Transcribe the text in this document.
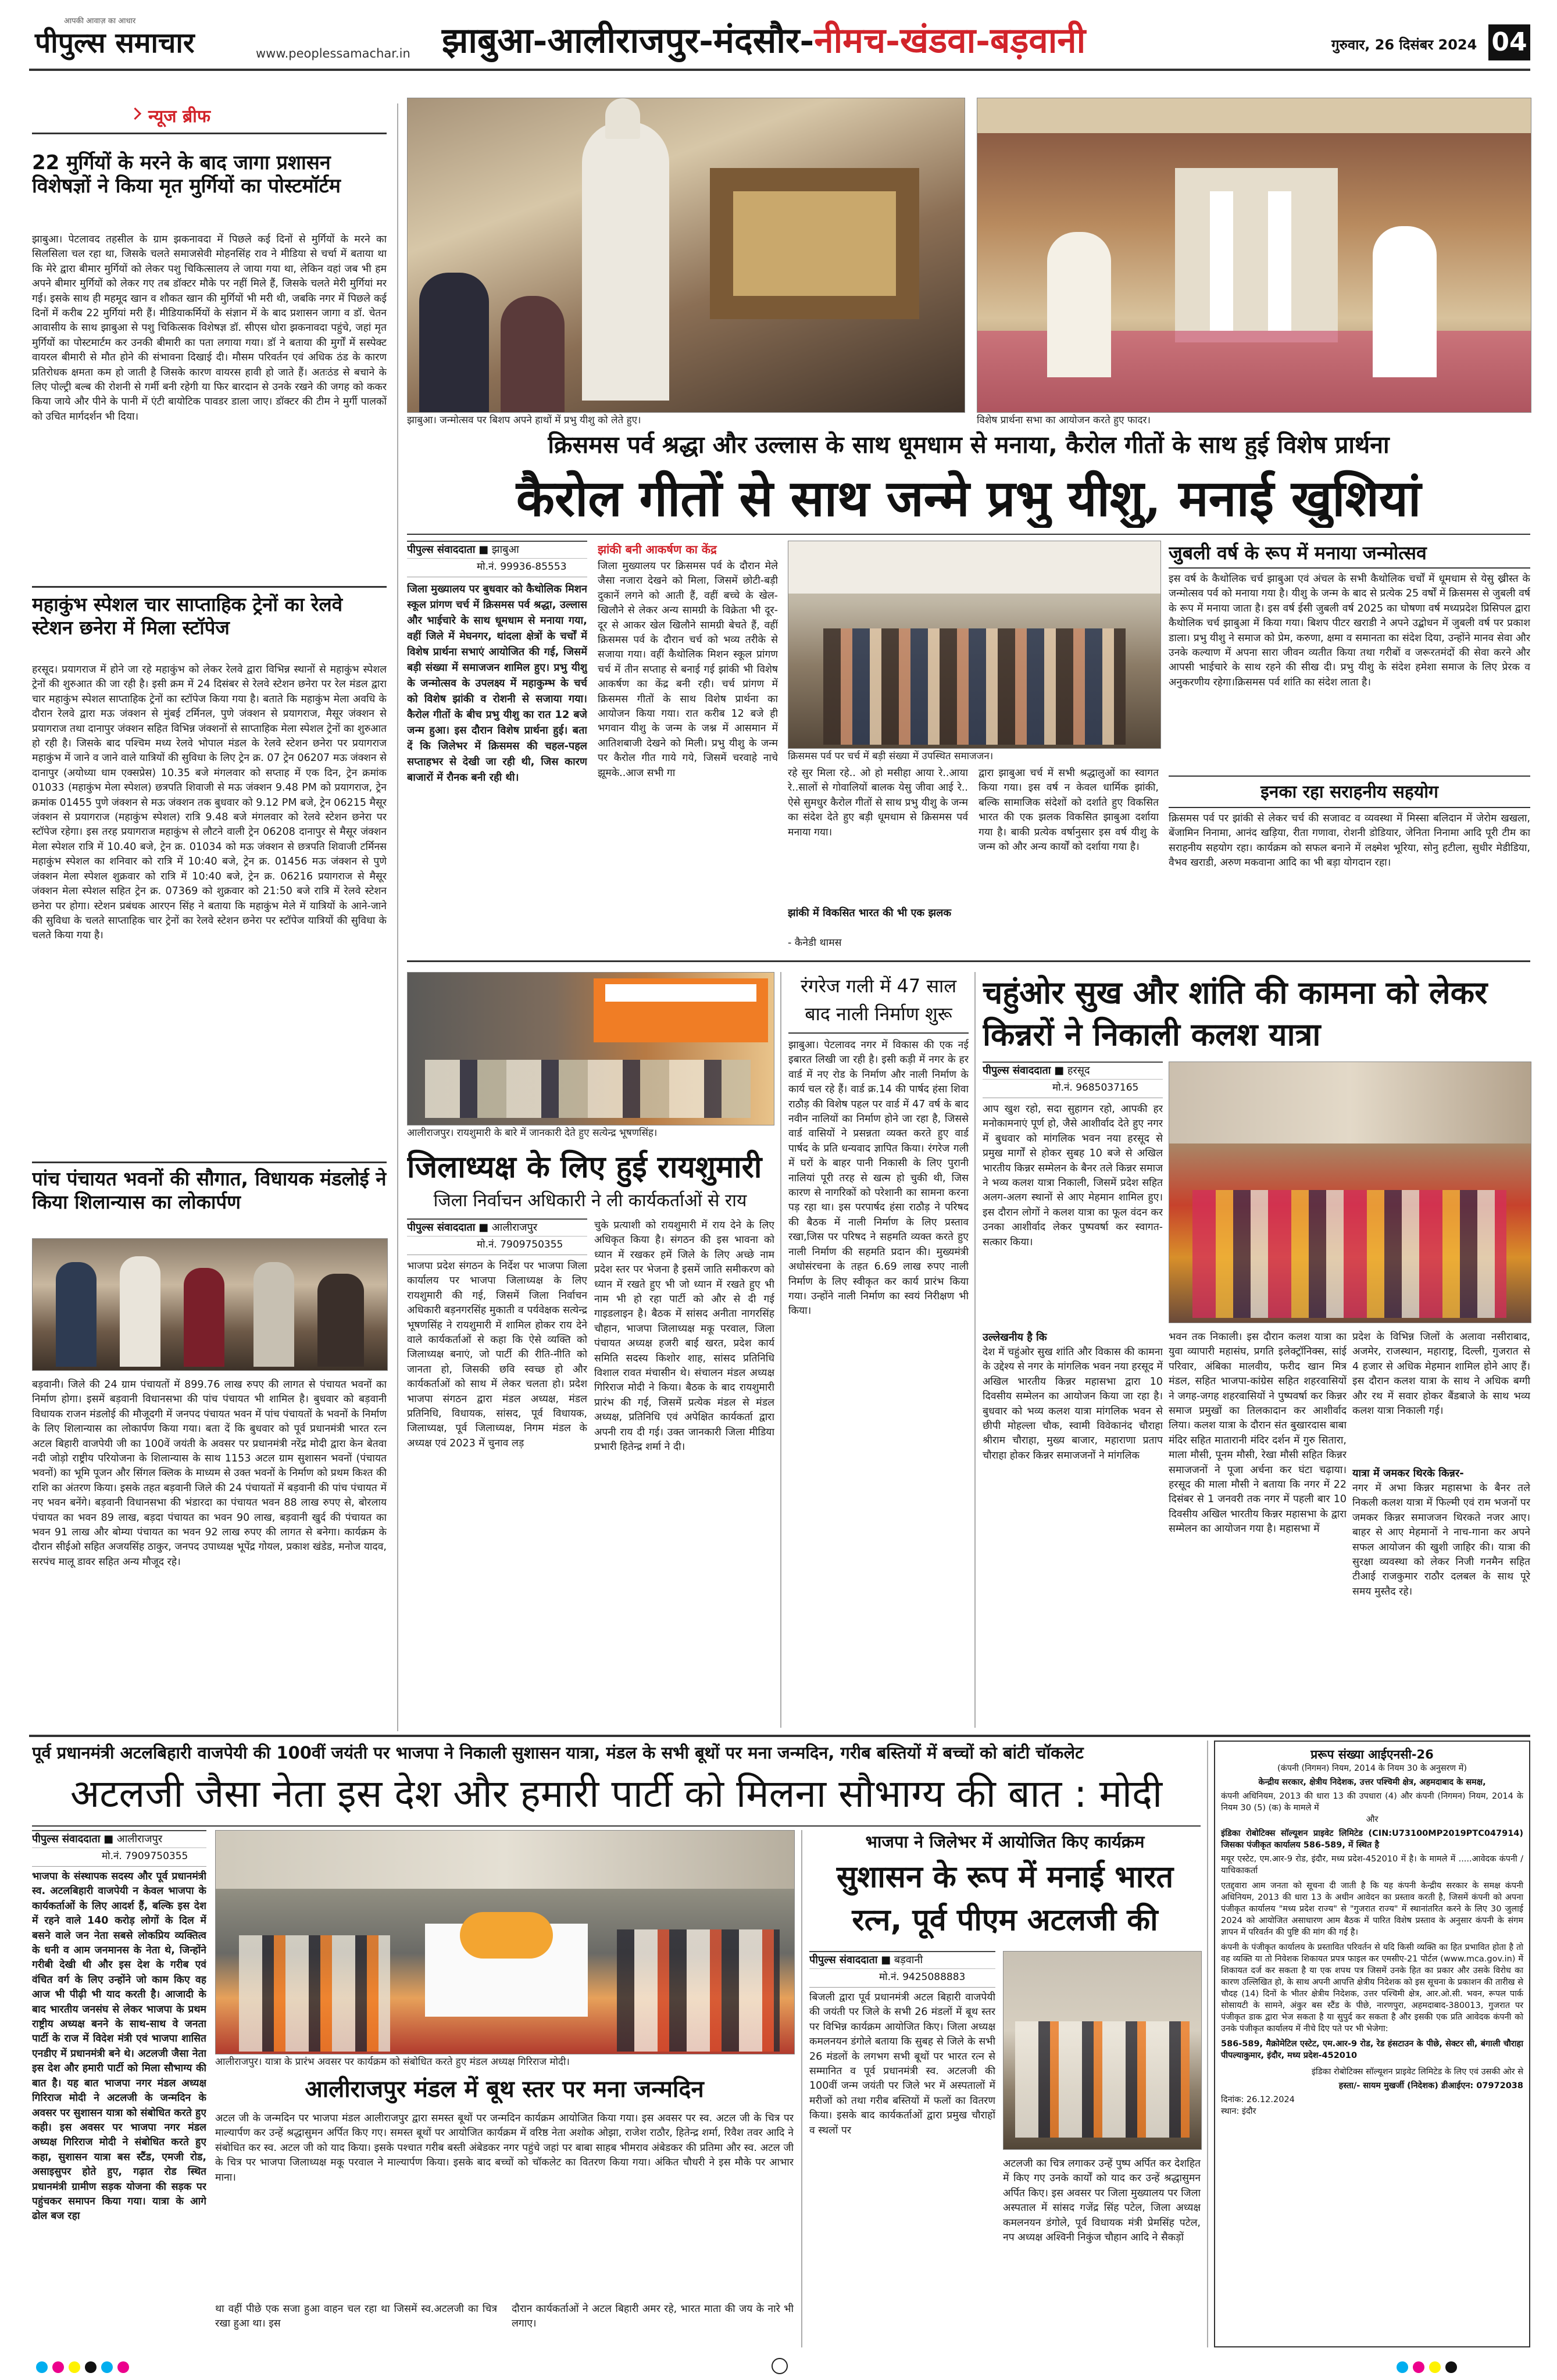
आपकी आवाज़ का आधार
पीपुल्स समाचार	www.peoplessamachar.in झाबुआ-आलीराजपुर-मंदसौर-नीमच-खंडवा-बड़वानी	गुरुवार, 26 दिसंबर 2024 04
न्यूज ब्रीफ
22 मुर्गियों के मरने के बाद जागा प्रशासन विशेषज्ञों ने किया मृत मुर्गियों का पोस्टमॉर्टम
झाबुआ। पेटलावद तहसील के ग्राम झकनावदा में पिछले कई दिनों से मुर्गियों के मरने का सिलसिला चल रहा था, जिसके चलते समाजसेवी मोहनसिंह राव ने मीडिया से चर्चा में बताया था कि मेरे द्वारा बीमार मुर्गियों को लेकर पशु चिकित्सालय ले जाया गया था, लेकिन वहां जब भी हम अपने बीमार मुर्गियों को लेकर गए तब डॉक्टर मौके पर नहीं मिले हैं, जिसके चलते मेरी मुर्गियां मर गई। इसके साथ ही महमूद खान व शौकत खान की मुर्गियों भी मरी थी, जबकि नगर में पिछले कई दिनों में करीब 22 मुर्गियां मरी हैं। मीडियाकर्मियों के संज्ञान में के बाद प्रशासन जागा व डॉ. चेतन आवासीय के साथ झाबुआ से पशु चिकित्सक विशेषज्ञ डॉ. सीएस धोरा झकनावदा पहुंचे, जहां मृत मुर्गियों का पोस्टमार्टम कर उनकी बीमारी का पता लगाया गया। डॉ ने बताया की मुर्गों में सस्पेक्ट वायरल बीमारी से मौत होने की संभावना दिखाई दी। मौसम परिवर्तन एवं अधिक ठंड के कारण प्रतिरोधक क्षमता कम हो जाती है जिसके कारण वायरस हावी हो जाते हैं। अतःठंड से बचाने के लिए पोल्ट्री बल्ब की रोशनी से गर्मी बनी रहेगी या फिर बारदान से उनके रखने की जगह को ककर किया जाये और पीने के पानी में एंटी बायोटिक पावडर डाला जाए। डॉक्टर की टीम ने मुर्गी पालकों को उचित मार्गदर्शन भी दिया।
महाकुंभ स्पेशल चार साप्ताहिक ट्रेनों का रेलवे स्टेशन छनेरा में मिला स्टॉपेज
हरसूद। प्रयागराज में होने जा रहे महाकुंभ को लेकर रेलवे द्वारा विभिन्न स्थानों से महाकुंभ स्पेशल ट्रेनों की शुरुआत की जा रही है। इसी क्रम में 24 दिसंबर से रेलवे स्टेशन छनेरा पर रेल मंडल द्वारा चार महाकुंभ स्पेशल साप्ताहिक ट्रेनों का स्टॉपेज किया गया है। बताते कि महाकुंभ मेला अवधि के दौरान रेलवे द्वारा मऊ जंक्शन से मुंबई टर्मिनल, पुणे जंक्शन से प्रयागराज, मैसूर जंक्शन से प्रयागराज तथा दानापुर जंक्शन सहित विभिन्न जंक्शनों से साप्ताहिक मेला स्पेशल ट्रेनों का शुरुआत हो रही है। जिसके बाद पश्चिम मध्य रेलवे भोपाल मंडल के रेलवे स्टेशन छनेरा पर प्रयागराज महाकुंभ में जाने व जाने वाले यात्रियों की सुविधा के लिए ट्रेन क्र. 07 ट्रेन 06207 मऊ जंक्शन से दानापुर (अयोध्या धाम एक्सप्रेस) 10.35 बजे मंगलवार को सप्ताह में एक दिन, ट्रेन क्रमांक 01033 (महाकुंभ मेला स्पेशल) छत्रपति शिवाजी से मऊ जंक्शन 9.48 PM को प्रयागराज, ट्रेन क्रमांक 01455 पुणे जंक्शन से मऊ जंक्शन तक बुधवार को 9.12 PM बजे, ट्रेन 06215 मैसूर जंक्शन से प्रयागराज (महाकुंभ स्पेशल) रात्रि 9.48 बजे मंगलवार को रेलवे स्टेशन छनेरा पर स्टॉपेज रहेगा। इस तरह प्रयागराज महाकुंभ से लौटने वाली ट्रेन 06208 दानापुर से मैसूर जंक्शन मेला स्पेशल रात्रि में 10.40 बजे, ट्रेन क्र. 01034 को मऊ जंक्शन से छत्रपति शिवाजी टर्मिनस महाकुंभ स्पेशल का शनिवार को रात्रि में 10:40 बजे, ट्रेन क्र. 01456 मऊ जंक्शन से पुणे जंक्शन मेला स्पेशल शुक्रवार को रात्रि में 10:40 बजे, ट्रेन क्र. 06216 प्रयागराज से मैसूर जंक्शन मेला स्पेशल सहित ट्रेन क्र. 07369 को शुक्रवार को 21:50 बजे रात्रि में रेलवे स्टेशन छनेरा पर होगा। स्टेशन प्रबंधक आरएन सिंह ने बताया कि महाकुंभ मेले में यात्रियों के आने-जाने की सुविधा के चलते साप्ताहिक चार ट्रेनों का रेलवे स्टेशन छनेरा पर स्टॉपेज यात्रियों की सुविधा के चलते किया गया है।
पांच पंचायत भवनों की सौगात, विधायक मंडलोई ने किया शिलान्यास का लोकार्पण
बड़वानी। जिले की 24 ग्राम पंचायतों में 899.76 लाख रुपए की लागत से पंचायत भवनों का निर्माण होगा। इसमें बड़वानी विधानसभा की पांच पंचायत भी शामिल है। बुधवार को बड़वानी विधायक राजन मंडलोई की मौजूदगी में जनपद पंचायत भवन में पांच पंचायतों के भवनों के निर्माण के लिए शिलान्यास का लोकार्पण किया गया। बता दें कि बुधवार को पूर्व प्रधानमंत्री भारत रत्न अटल बिहारी वाजपेयी जी का 100वें जयंती के अवसर पर प्रधानमंत्री नरेंद्र मोदी द्वारा केन बेतवा नदी जोड़ो राष्ट्रीय परियोजना के शिलान्यास के साथ 1153 अटल ग्राम सुशासन भवनों (पंचायत भवनों) का भूमि पूजन और सिंगल क्लिक के माध्यम से उक्त भवनों के निर्माण को प्रथम किश्त की राशि का अंतरण किया। इसके तहत बड़वानी जिले की 24 पंचायतों में बड़वानी की पांच पंचायत में नए भवन बनेंगे। बड़वानी विधानसभा की भंडारदा का पंचायत भवन 88 लाख रुपए से, बोरलाय पंचायत का भवन 89 लाख, बड़दा पंचायत का भवन 90 लाख, बड़वानी खुर्द की पंचायत का भवन 91 लाख और बोम्या पंचायत का भवन 92 लाख रुपए की लागत से बनेगा। कार्यक्रम के दौरान सीईओ सहित अजयसिंह ठाकुर, जनपद उपाध्यक्ष भूपेंद्र गोयल, प्रकाश खंडेड, मनोज यादव, सरपंच मालू डावर सहित अन्य मौजूद रहे।
झाबुआ। जन्मोत्सव पर बिशप अपने हाथों में प्रभु यीशु को लेते हुए।	विशेष प्रार्थना सभा का आयोजन करते हुए फादर।
क्रिसमस पर्व श्रद्धा और उल्लास के साथ धूमधाम से मनाया, कैरोल गीतों के साथ हुई विशेष प्रार्थना
कैरोल गीतों से साथ जन्मे प्रभु यीशु, मनाई खुशियां
पीपुल्स संवाददाता ■ झाबुआ
मो.नं. 99936-85553
जिला मुख्यालय पर बुधवार को कैथोलिक मिशन स्कूल प्रांगण चर्च में क्रिसमस पर्व श्रद्धा, उल्लास और भाईचारे के साथ धूमधाम से मनाया गया, वहीं जिले में मेघनगर, थांदला क्षेत्रों के चर्चों में विशेष प्रार्थना सभाएं आयोजित की गई, जिसमें बड़ी संख्या में समाजजन शामिल हुए। प्रभु यीशु के जन्मोत्सव के उपलक्ष्य में महाकुम्भ के चर्च को विशेष झांकी व रोशनी से सजाया गया। कैरोल गीतों के बीच प्रभु यीशु का रात 12 बजे जन्म हुआ। इस दौरान विशेष प्रार्थना हुई। बता दें कि जिलेभर में क्रिसमस की चहल-पहल सप्ताहभर से देखी जा रही थी, जिस कारण बाजारों में रौनक बनी रही थी।
झांकी बनी आकर्षण का केंद्र
जिला मुख्यालय पर क्रिसमस पर्व के दौरान मेले जैसा नजारा देखने को मिला, जिसमें छोटी-बड़ी दुकानें लगने को आती हैं, वहीं बच्चे के खेल-खिलौने से लेकर अन्य सामग्री के विक्रेता भी दूर-दूर से आकर खेल खिलौने सामग्री बेचते हैं, वहीं क्रिसमस पर्व के दौरान चर्च को भव्य तरीके से सजाया गया। वहीं कैथोलिक मिशन स्कूल प्रांगण चर्च में तीन सप्ताह से बनाई गई झांकी भी विशेष आकर्षण का केंद्र बनी रही। चर्च प्रांगण में क्रिसमस गीतों के साथ विशेष प्रार्थना का आयोजन किया गया। रात करीब 12 बजे ही भगवान यीशु के जन्म के जश्न में आसमान में आतिशबाजी देखने को मिली। प्रभु यीशु के जन्म पर कैरोल गीत गाये गये, जिसमें चरवाहे नाचे झूमके..आज सभी गा
क्रिसमस पर्व पर चर्च में बड़ी संख्या में उपस्थित समाजजन।
रहे सुर मिला रहे.. ओ हो मसीहा आया रे..आया रे..सालों से गोवालियों बालक येसु जीवा आई रे.. ऐसे सुमधुर कैरोल गीतों से साथ प्रभु यीशु के जन्म का संदेश देते हुए बड़ी धूमधाम से क्रिसमस पर्व मनाया गया।
झांकी में विकसित भारत की भी एक झलक
- कैनेडी थामस
द्वारा झाबुआ चर्च में सभी श्रद्धालुओं का स्वागत किया गया। इस वर्ष न केवल धार्मिक झांकी, बल्कि सामाजिक संदेशों को दर्शाते हुए विकसित भारत की एक झलक विकसित झाबुआ दर्शाया गया है। बाकी प्रत्येक वर्षानुसार इस वर्ष यीशु के जन्म को और अन्य कार्यों को दर्शाया गया है।
जुबली वर्ष के रूप में मनाया जन्मोत्सव
इस वर्ष के कैथोलिक चर्च झाबुआ एवं अंचल के सभी कैथोलिक चर्चों में धूमधाम से येसु ख्रीस्त के जन्मोत्सव पर्व को मनाया गया है। यीशु के जन्म के बाद से प्रत्येक 25 वर्षों में क्रिसमस से जुबली वर्ष के रूप में मनाया जाता है। इस वर्ष ईसी जुबली वर्ष 2025 का घोषणा वर्ष मध्यप्रदेश प्रिसिपल द्वारा कैथोलिक चर्च झाबुआ में किया गया। बिशप पीटर खराडी ने अपने उद्बोधन में जुबली वर्ष पर प्रकाश डाला। प्रभु यीशु ने समाज को प्रेम, करुणा, क्षमा व समानता का संदेश दिया, उन्होंने मानव सेवा और उनके कल्याण में अपना सारा जीवन व्यतीत किया तथा गरीबों व जरूरतमंदों की सेवा करने और आपसी भाईचारे के साथ रहने की सीख दी। प्रभु यीशु के संदेश हमेशा समाज के लिए प्रेरक व अनुकरणीय रहेगा।क्रिसमस पर्व शांति का संदेश लाता है।
इनका रहा सराहनीय सहयोग
क्रिसमस पर्व पर झांकी से लेकर चर्च की सजावट व व्यवस्था में मिस्सा बलिदान में जेरोम खखला, बेंजामिन निनामा, आनंद खड़िया, रीता गणावा, रोशनी डोडियार, जेनिता निनामा आदि पूरी टीम का सराहनीय सहयोग रहा। कार्यक्रम को सफल बनाने में लक्ष्मेश भूरिया, सोनु हटीला, सुधीर मेडीडिया, वैभव खराडी, अरुण मकवाना आदि का भी बड़ा योगदान रहा।
आलीराजपुर। रायशुमारी के बारे में जानकारी देते हुए सत्येन्द्र भूषणसिंह।
जिलाध्यक्ष के लिए हुई रायशुमारी
जिला निर्वाचन अधिकारी ने ली कार्यकर्ताओं से राय
पीपुल्स संवाददाता ■ आलीराजपुर
मो.नं. 7909750355
भाजपा प्रदेश संगठन के निर्देश पर भाजपा जिला कार्यालय पर भाजपा जिलाध्यक्ष के लिए रायशुमारी की गई, जिसमें जिला निर्वाचन अधिकारी बड़नगरसिंह मुकाती व पर्यवेक्षक सत्येन्द्र भूषणसिंह ने रायशुमारी में शामिल होकर राय देने वाले कार्यकर्ताओं से कहा कि ऐसे व्यक्ति को जिलाध्यक्ष बनाएं, जो पार्टी की रीति-नीति को जानता हो, जिसकी छवि स्वच्छ हो और कार्यकर्ताओं को साथ में लेकर चलता हो। प्रदेश भाजपा संगठन द्वारा मंडल अध्यक्ष, मंडल प्रतिनिधि, विधायक, सांसद, पूर्व विधायक, जिलाध्यक्ष, पूर्व जिलाध्यक्ष, निगम मंडल के अध्यक्ष एवं 2023 में चुनाव लड़
चुके प्रत्याशी को रायशुमारी में राय देने के लिए अधिकृत किया है। संगठन की इस भावना को ध्यान में रखकर हमें जिले के लिए अच्छे नाम प्रदेश स्तर पर भेजना है इसमें जाति समीकरण को ध्यान में रखते हुए भी जो ध्यान में रखते हुए भी नाम भी हो रहा पार्टी को और से दी गई गाइडलाइन है। बैठक में सांसद अनीता नागरसिंह चौहान, भाजपा जिलाध्यक्ष मकू परवाल, जिला पंचायत अध्यक्ष हजरी बाई खरत, प्रदेश कार्य समिति सदस्य किशोर शाह, सांसद प्रतिनिधि विशाल रावत मंचासीन थे। संचालन मंडल अध्यक्ष गिरिराज मोदी ने किया। बैठक के बाद रायशुमारी प्रारंभ की गई, जिसमें प्रत्येक मंडल से मंडल अध्यक्ष, प्रतिनिधि एवं अपेक्षित कार्यकर्ता द्वारा अपनी राय दी गई। उक्त जानकारी जिला मीडिया प्रभारी हितेन्द्र शर्मा ने दी।
रंगरेज गली में 47 साल बाद नाली निर्माण शुरू
झाबुआ। पेटलावद नगर में विकास की एक नई इबारत लिखी जा रही है। इसी कड़ी में नगर के हर वार्ड में नए रोड के निर्माण और नाली निर्माण के कार्य चल रहे हैं। वार्ड क्र.14 की पार्षद हंसा शिवा राठौड़ की विशेष पहल पर वार्ड में 47 वर्ष के बाद नवीन नालियों का निर्माण होने जा रहा है, जिससे वार्ड वासियों ने प्रसन्नता व्यक्त करते हुए वार्ड पार्षद के प्रति धन्यवाद ज्ञापित किया। रंगरेज गली में घरों के बाहर पानी निकासी के लिए पुरानी नालियां पूरी तरह से खत्म हो चुकी थी, जिस कारण से नागरिकों को परेशानी का सामना करना पड़ रहा था। इस परपार्षद हंसा राठौड़ ने परिषद की बैठक में नाली निर्माण के लिए प्रस्ताव रखा,जिस पर परिषद ने सहमति व्यक्त करते हुए नाली निर्माण की सहमति प्रदान की। मुख्यमंत्री अधोसंरचना के तहत 6.69 लाख रुपए नाली निर्माण के लिए स्वीकृत कर कार्य प्रारंभ किया गया। उन्होंने नाली निर्माण का स्वयं निरीक्षण भी किया।
चहुंओर सुख और शांति की कामना को लेकर किन्नरों ने निकाली कलश यात्रा
पीपुल्स संवाददाता ■ हरसूद
मो.नं. 9685037165
आप खुश रहो, सदा सुहागन रहो, आपकी हर मनोकामनाएं पूर्ण हो, जैसे आशीर्वाद देते हुए नगर में बुधवार को मांगलिक भवन नया हरसूद से प्रमुख मार्गों से होकर सुबह 10 बजे से अखिल भारतीय किन्नर सम्मेलन के बैनर तले किन्नर समाज ने भव्य कलश यात्रा निकाली, जिसमें प्रदेश सहित अलग-अलग स्थानों से आए मेहमान शामिल हुए। इस दौरान लोगों ने कलश यात्रा का फूल वंदन कर उनका आशीर्वाद लेकर पुष्पवर्षा कर स्वागत-सत्कार किया।
उल्लेखनीय है कि
देश में चहुंओर सुख शांति और विकास की कामना के उद्देश्य से नगर के मांगलिक भवन नया हरसूद में अखिल भारतीय किन्नर महासभा द्वारा 10 दिवसीय सम्मेलन का आयोजन किया जा रहा है। बुधवार को भव्य कलश यात्रा मांगलिक भवन से छीपी मोहल्ला चौक, स्वामी विवेकानंद चौराहा श्रीराम चौराहा, मुख्य बाजार, महाराणा प्रताप चौराहा होकर किन्नर समाजजनों ने मांगलिक
भवन तक निकाली। इस दौरान कलश यात्रा का युवा व्यापारी महासंघ, प्रगति इलेक्ट्रॉनिक्स, सांई परिवार, अंबिका मालवीय, फरीद खान मित्र मंडल, सहित भाजपा-कांग्रेस सहित शहरवासियों ने जगह-जगह शहरवासियों ने पुष्पवर्षा कर किन्नर समाज प्रमुखों का तिलकादान कर आशीर्वाद लिया। कलश यात्रा के दौरान संत बुखारदास बाबा मंदिर सहित मातारानी मंदिर दर्शन में गुरु सितारा, माला मौसी, पूनम मौसी, रेखा मौसी सहित किन्नर समाजजनों ने पूजा अर्चना कर घंटा चढ़ाया। हरसूद की माला मौसी ने बताया कि नगर में 22 दिसंबर से 1 जनवरी तक नगर में पहली बार 10 दिवसीय अखिल भारतीय किन्नर महासभा के द्वारा सम्मेलन का आयोजन गया है। महासभा में
प्रदेश के विभिन्न जिलों के अलावा नसीराबाद, अजमेर, राजस्थान, महाराष्ट्र, दिल्ली, गुजरात से 4 हजार से अधिक मेहमान शामिल होने आए हैं। इस दौरान कलश यात्रा के साथ ने अधिक बग्गी और रथ में सवार होकर बैंडबाजे के साथ भव्य कलश यात्रा निकाली गई।
यात्रा में जमकर थिरके किन्नर-
नगर में अभा किन्नर महासभा के बैनर तले निकली कलश यात्रा में फिल्मी एवं राम भजनों पर जमकर किन्नर समाजजन थिरकते नजर आए। बाहर से आए मेहमानों ने नाच-गाना कर अपने सफल आयोजन की खुशी जाहिर की। यात्रा की सुरक्षा व्यवस्था को लेकर निजी गनमैन सहित टीआई राजकुमार राठौर दलबल के साथ पूरे समय मुस्तैद रहे।
पूर्व प्रधानमंत्री अटलबिहारी वाजपेयी की 100वीं जयंती पर भाजपा ने निकाली सुशासन यात्रा, मंडल के सभी बूथों पर मना जन्मदिन, गरीब बस्तियों में बच्चों को बांटी चॉकलेट
अटलजी जैसा नेता इस देश और हमारी पार्टी को मिलना सौभाग्य की बात : मोदी
पीपुल्स संवाददाता ■ आलीराजपुर
मो.नं. 7909750355
भाजपा के संस्थापक सदस्य और पूर्व प्रधानमंत्री स्व. अटलबिहारी वाजपेयी न केवल भाजपा के कार्यकर्ताओं के लिए आदर्श हैं, बल्कि इस देश में रहने वाले 140 करोड़ लोगों के दिल में बसने वाले जन नेता सबसे लोकप्रिय व्यक्तित्व के धनी व आम जनमानस के नेता थे, जिन्होंने गरीबी देखी थी और इस देश के गरीब एवं वंचित वर्ग के लिए उन्होंने जो काम किए वह आज भी पीढ़ी भी याद करती है। आजादी के बाद भारतीय जनसंघ से लेकर भाजपा के प्रथम राष्ट्रीय अध्यक्ष बनने के साथ-साथ वे जनता पार्टी के राज में विदेश मंत्री एवं भाजपा शासित एनडीए में प्रधानमंत्री बने थे। अटलजी जैसा नेता इस देश और हमारी पार्टी को मिला सौभाग्य की बात है। यह बात भाजपा नगर मंडल अध्यक्ष गिरिराज मोदी ने अटलजी के जन्मदिन के अवसर पर सुशासन यात्रा को संबोधित करते हुए कही। इस अवसर पर भाजपा नगर मंडल अध्यक्ष गिरिराज मोदी ने संबोधित करते हुए कहा, सुशासन यात्रा बस स्टैंड, एमजी रोड, असाइसुपर होते हुए, गढ़ात रोड स्थित प्रधानमंत्री ग्रामीण सड़क योजना की सड़क पर पहुंचकर समापन किया गया। यात्रा के आगे ढोल बज रहा
आलीराजपुर। यात्रा के प्रारंभ अवसर पर कार्यक्रम को संबोधित करते हुए मंडल अध्यक्ष गिरिराज मोदी।
आलीराजपुर मंडल में बूथ स्तर पर मना जन्मदिन
अटल जी के जन्मदिन पर भाजपा मंडल आलीराजपुर द्वारा समस्त बूथों पर जन्मदिन कार्यक्रम आयोजित किया गया। इस अवसर पर स्व. अटल जी के चित्र पर माल्यार्पण कर उन्हें श्रद्धासुमन अर्पित किए गए। समस्त बूथों पर आयोजित कार्यक्रम में वरिष्ठ नेता अशोक ओझा, राजेश राठौर, हितेन्द्र शर्मा, रिवैश तवर आदि ने संबोधित कर स्व. अटल जी को याद किया। इसके पश्चात गरीब बस्ती अंबेडकर नगर पहुंचे जहां पर बाबा साहब भीमराव अंबेडकर की प्रतिमा और स्व. अटल जी के चित्र पर भाजपा जिलाध्यक्ष मकू परवाल ने माल्यार्पण किया। इसके बाद बच्चों को चॉकलेट का वितरण किया गया। अंकित चौधरी ने इस मौके पर आभार माना।
था वहीं पीछे एक सजा हुआ वाहन चल रहा था जिसमें स्व.अटलजी का चित्र रखा हुआ था। इस
दौरान कार्यकर्ताओं ने अटल बिहारी अमर रहे, भारत माता की जय के नारे भी लगाए।
भाजपा ने जिलेभर में आयोजित किए कार्यक्रम
सुशासन के रूप में मनाई भारत रत्न, पूर्व पीएम अटलजी की
पीपुल्स संवाददाता ■ बड़वानी
मो.नं. 9425088883
बिजली द्वारा पूर्व प्रधानमंत्री अटल बिहारी वाजपेयी की जयंती पर जिले के सभी 26 मंडलों में बूथ स्तर पर विभिन्न कार्यक्रम आयोजित किए। जिला अध्यक्ष कमलनयन डंगोले बताया कि सुबह से जिले के सभी 26 मंडलों के लगभग सभी बूथों पर भारत रत्न से सम्मानित व पूर्व प्रधानमंत्री स्व. अटलजी की 100वीं जन्म जयंती पर जिले भर में अस्पतालों में मरीजों को तथा गरीब बस्तियों में फलों का वितरण किया। इसके बाद कार्यकर्ताओं द्वारा प्रमुख चौराहों व स्थलों पर
अटलजी का चित्र लगाकर उन्हें पुष्प अर्पित कर देशहित में किए गए उनके कार्यों को याद कर उन्हें श्रद्धासुमन अर्पित किए। इस अवसर पर जिला मुख्यालय पर जिला अस्पताल में सांसद गजेंद्र सिंह पटेल, जिला अध्यक्ष कमलनयन डंगोले, पूर्व विधायक मंत्री प्रेमसिंह पटेल, नप अध्यक्ष अश्विनी निकुंज चौहान आदि ने सैकड़ों
प्ररूप संख्या आईएनसी-26
(कंपनी (निगमन) नियम, 2014 के नियम 30 के अनुसरण में)
केन्द्रीय सरकार, क्षेत्रीय निदेशक, उत्तर पश्चिमी क्षेत्र, अहमदाबाद के समक्ष,
कंपनी अधिनियम, 2013 की धारा 13 की उपधारा (4) और कंपनी (निगमन) नियम, 2014 के नियम 30 (5) (क) के मामले में
और
इंडिका रोबोटिक्स सॉल्यूशन प्राइवेट लिमिटेड (CIN:U73100MP2019PTC047914) जिसका पंजीकृत कार्यालय 586-589, में स्थित है
मयूर एस्टेट, एम.आर-9 रोड, इंदौर, मध्य प्रदेश-452010 में है। के मामले में .....आवेदक कंपनी / याचिकाकर्ता
एतद्द्वारा आम जनता को सूचना दी जाती है कि यह कंपनी केन्द्रीय सरकार के समक्ष कंपनी अधिनियम, 2013 की धारा 13 के अधीन आवेदन का प्रस्ताव करती है, जिसमें कंपनी को अपना पंजीकृत कार्यालय "मध्य प्रदेश राज्य" से "गुजरात राज्य" में स्थानांतरित करने के लिए 30 जुलाई 2024 को आयोजित असाधारण आम बैठक में पारित विशेष प्रस्ताव के अनुसार कंपनी के संगम ज्ञापन में परिवर्तन की पुष्टि की मांग की गई है।
कंपनी के पंजीकृत कार्यालय के प्रस्तावित परिवर्तन से यदि किसी व्यक्ति का हित प्रभावित होता है तो वह व्यक्ति या तो निवेशक शिकायत प्रपत्र फाइल कर एमसीए-21 पोर्टल (www.mca.gov.in) में शिकायत दर्ज कर सकता है या एक शपथ पत्र जिसमें उनके हित का प्रकार और उसके विरोध का कारण उल्लिखित हो, के साथ अपनी आपत्ति क्षेत्रीय निदेशक को इस सूचना के प्रकाशन की तारीख से चौदह (14) दिनों के भीतर क्षेत्रीय निदेशक, उत्तर पश्चिमी क्षेत्र, आर.ओ.सी. भवन, रूपल पार्क सोसायटी के सामने, अंकुर बस स्टैंड के पीछे, नारणपुरा, अहमदाबाद-380013, गुजरात पर पंजीकृत डाक द्वारा भेज सकता है या सुपुर्द कर सकता है और इसकी एक प्रति आवेदक कंपनी को उनके पंजीकृत कार्यालय में नीचे दिए पते पर भी भेजेगा:
586-589, मैक्रोमेटिल एस्टेट, एम.आर-9 रोड, रेड हंसटाउन के पीछे, सेक्टर सी, बंगाली चौराहा पीपल्याकुमार, इंदौर, मध्य प्रदेश-452010
इंडिका रोबोटिक्स सॉल्यूशन प्राइवेट लिमिटेड के लिए एवं उसकी ओर से
हस्ता/- सायम मुखर्जी (निदेशक) डीआईएन: 07972038
दिनांक: 26.12.2024
स्थान: इंदौर
